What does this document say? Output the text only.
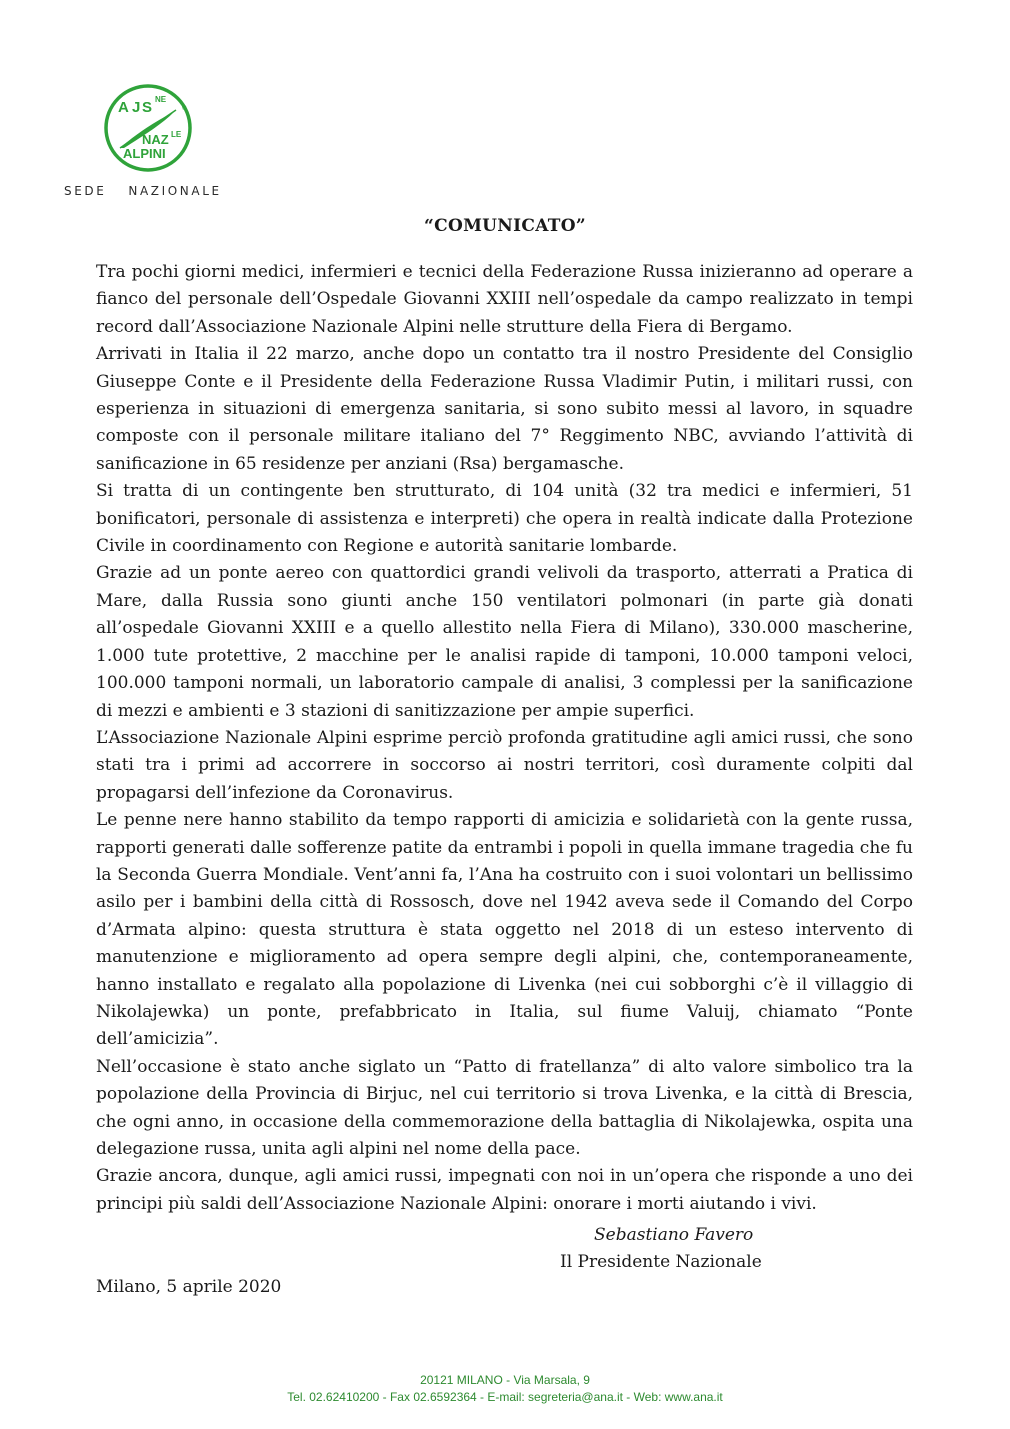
A J S NE
NAZ LE
ALPINI
®
SEDE NAZIONALE
“COMUNICATO”

Tra pochi giorni medici, infermieri e tecnici della Federazione Russa inizieranno ad operare a fianco del personale dell’Ospedale Giovanni XXIII nell’ospedale da campo realizzato in tempi record dall’Associazione Nazionale Alpini nelle strutture della Fiera di Bergamo.

Arrivati in Italia il 22 marzo, anche dopo un contatto tra il nostro Presidente del Consiglio Giuseppe Conte e il Presidente della Federazione Russa Vladimir Putin, i militari russi, con esperienza in situazioni di emergenza sanitaria, si sono subito messi al lavoro, in squadre composte con il personale militare italiano del 7° Reggimento NBC, avviando l’attività di sanificazione in 65 residenze per anziani (Rsa) bergamasche.

Si tratta di un contingente ben strutturato, di 104 unità (32 tra medici e infermieri, 51 bonificatori, personale di assistenza e interpreti) che opera in realtà indicate dalla Protezione Civile in coordinamento con Regione e autorità sanitarie lombarde.

Grazie ad un ponte aereo con quattordici grandi velivoli da trasporto, atterrati a Pratica di Mare, dalla Russia sono giunti anche 150 ventilatori polmonari (in parte già donati all’ospedale Giovanni XXIII e a quello allestito nella Fiera di Milano), 330.000 mascherine, 1.000 tute protettive, 2 macchine per le analisi rapide di tamponi, 10.000 tamponi veloci, 100.000 tamponi normali, un laboratorio campale di analisi, 3 complessi per la sanificazione di mezzi e ambienti e 3 stazioni di sanitizzazione per ampie superfici.

L’Associazione Nazionale Alpini esprime perciò profonda gratitudine agli amici russi, che sono stati tra i primi ad accorrere in soccorso ai nostri territori, così duramente colpiti dal propagarsi dell’infezione da Coronavirus.

Le penne nere hanno stabilito da tempo rapporti di amicizia e solidarietà con la gente russa, rapporti generati dalle sofferenze patite da entrambi i popoli in quella immane tragedia che fu la Seconda Guerra Mondiale. Vent’anni fa, l’Ana ha costruito con i suoi volontari un bellissimo asilo per i bambini della città di Rossosch, dove nel 1942 aveva sede il Comando del Corpo d’Armata alpino: questa struttura è stata oggetto nel 2018 di un esteso intervento di manutenzione e miglioramento ad opera sempre degli alpini, che, contemporaneamente, hanno installato e regalato alla popolazione di Livenka (nei cui sobborghi c’è il villaggio di Nikolajewka) un ponte, prefabbricato in Italia, sul fiume Valuij, chiamato “Ponte dell’amicizia”.

Nell’occasione è stato anche siglato un “Patto di fratellanza” di alto valore simbolico tra la popolazione della Provincia di Birjuc, nel cui territorio si trova Livenka, e la città di Brescia, che ogni anno, in occasione della commemorazione della battaglia di Nikolajewka, ospita una delegazione russa, unita agli alpini nel nome della pace.

Grazie ancora, dunque, agli amici russi, impegnati con noi in un’opera che risponde a uno dei principi più saldi dell’Associazione Nazionale Alpini: onorare i morti aiutando i vivi.

Sebastiano Favero
Il Presidente Nazionale
Milano, 5 aprile 2020
20121 MILANO - Via Marsala, 9
Tel. 02.62410200 - Fax 02.6592364 - E-mail: segreteria@ana.it - Web: www.ana.it
